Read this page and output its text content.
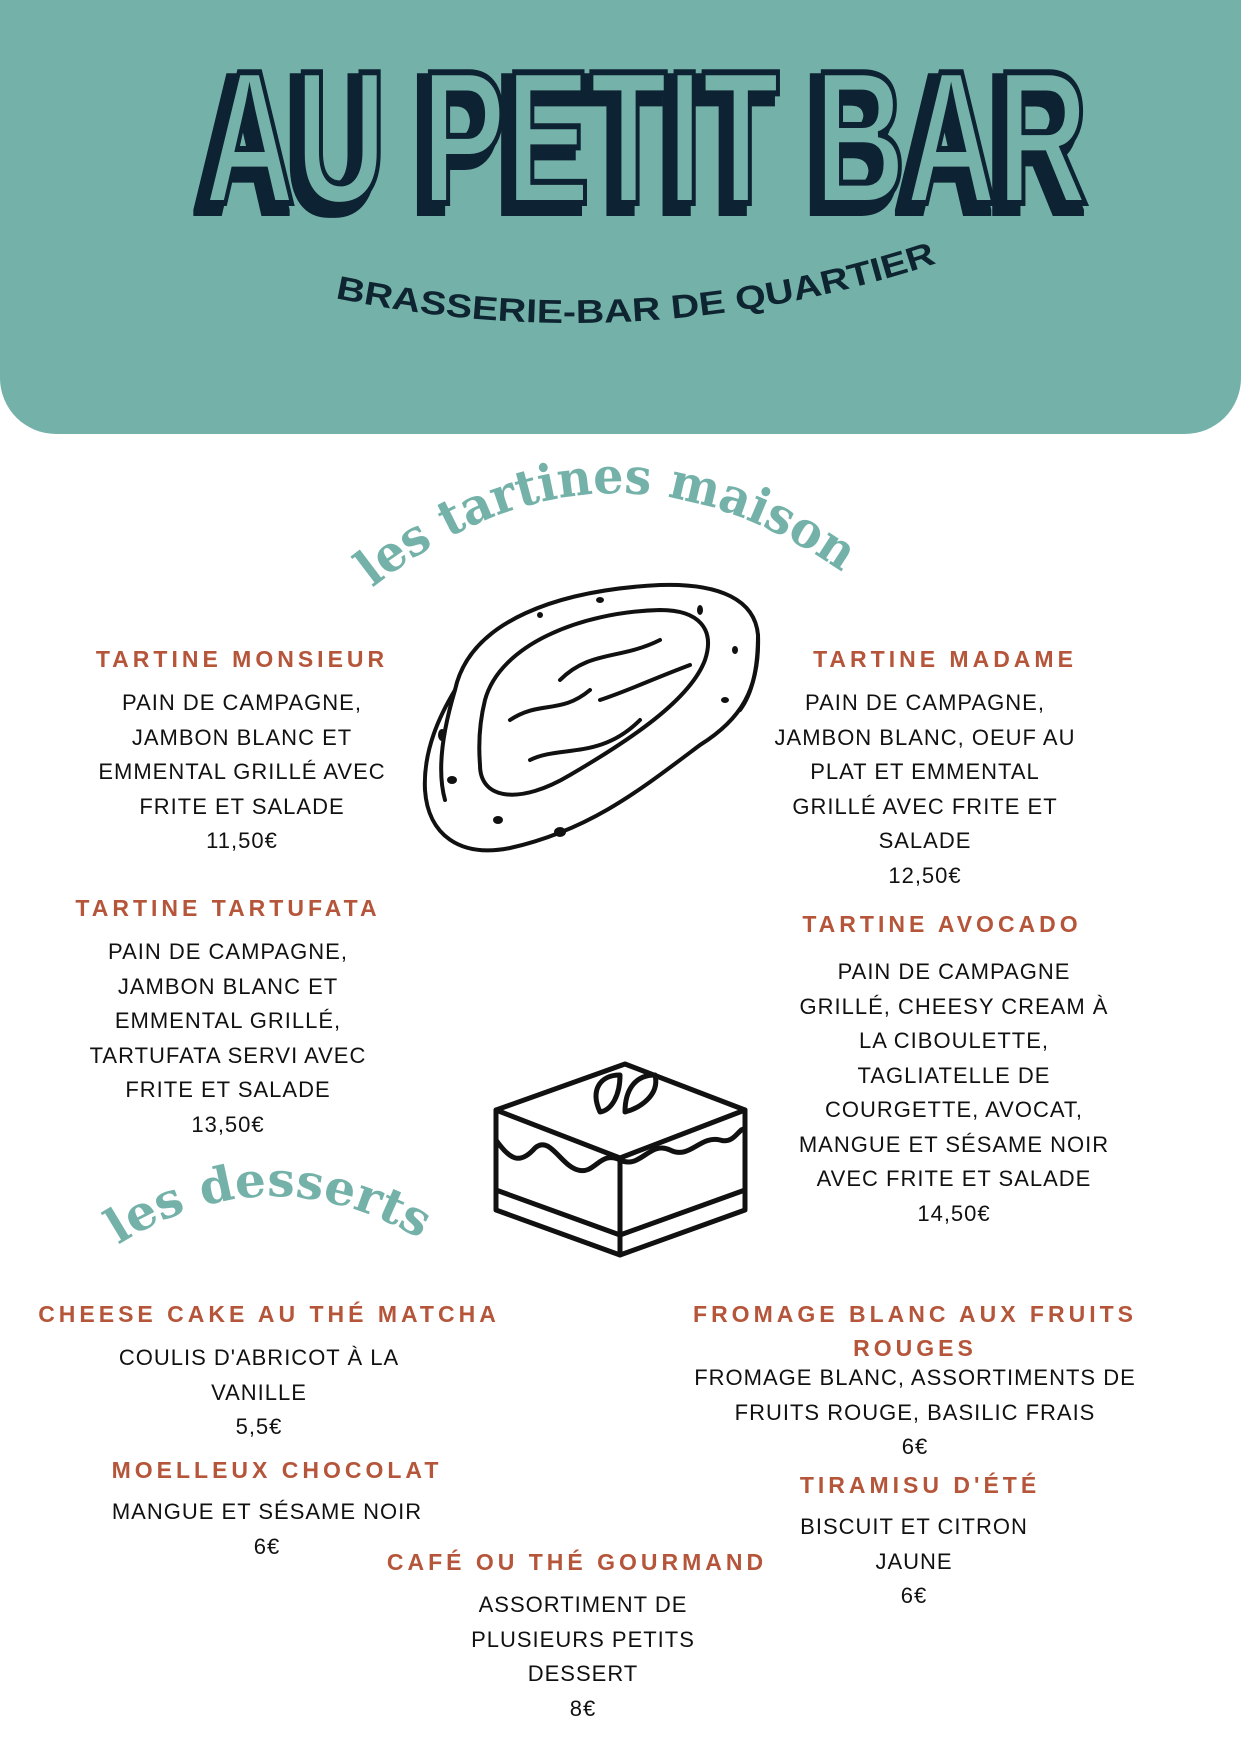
AU PETIT BAR
BRASSERIE-BAR DE QUARTIER
les tartines maison
les desserts
TARTINE MONSIEUR
PAIN DE CAMPAGNE,
JAMBON BLANC ET
EMMENTAL GRILLÉ AVEC
FRITE ET SALADE
11,50€
TARTINE TARTUFATA
PAIN DE CAMPAGNE,
JAMBON BLANC ET
EMMENTAL GRILLÉ,
TARTUFATA SERVI AVEC
FRITE ET SALADE
13,50€
TARTINE MADAME
PAIN DE CAMPAGNE,
JAMBON BLANC, OEUF AU
PLAT ET EMMENTAL
GRILLÉ AVEC FRITE ET
SALADE
12,50€
TARTINE AVOCADO
PAIN DE CAMPAGNE
GRILLÉ, CHEESY CREAM À
LA CIBOULETTE,
TAGLIATELLE DE
COURGETTE, AVOCAT,
MANGUE ET SÉSAME NOIR
AVEC FRITE ET SALADE
14,50€
CHEESE CAKE AU THÉ MATCHA
COULIS D'ABRICOT À LA
VANILLE
5,5€
FROMAGE BLANC AUX FRUITS
ROUGES
FROMAGE BLANC, ASSORTIMENTS DE
FRUITS ROUGE, BASILIC FRAIS
6€
MOELLEUX CHOCOLAT
MANGUE ET SÉSAME NOIR
6€
TIRAMISU D'ÉTÉ
BISCUIT ET CITRON
JAUNE
6€
CAFÉ OU THÉ GOURMAND
ASSORTIMENT DE
PLUSIEURS PETITS
DESSERT
8€
